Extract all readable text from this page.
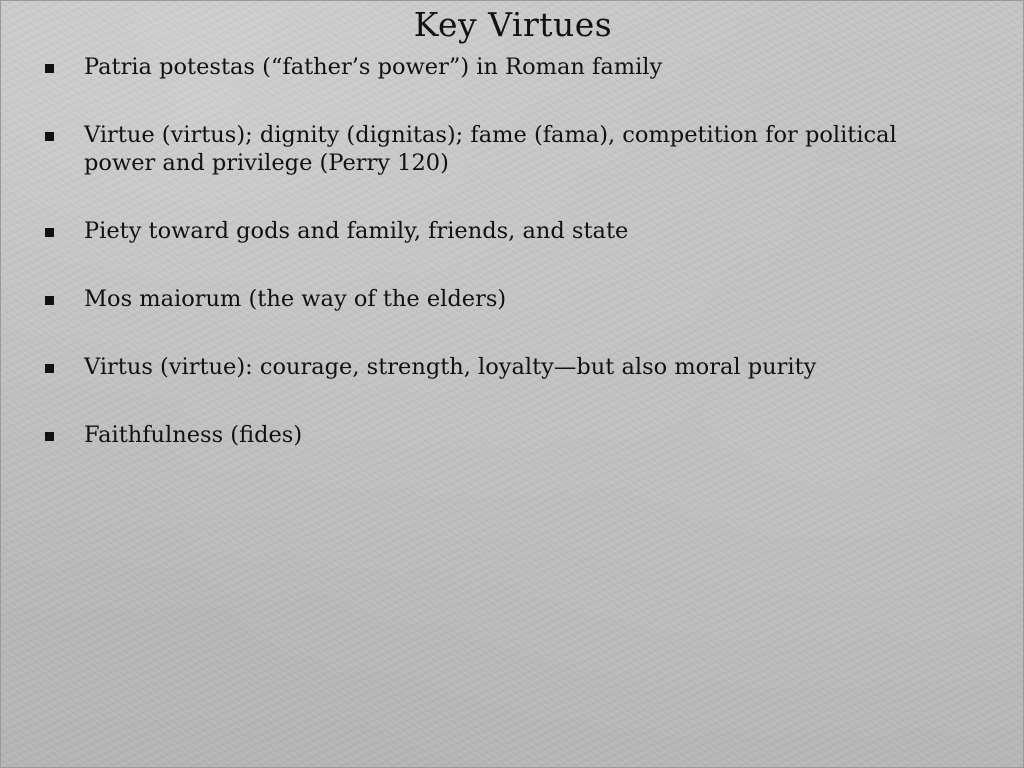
Key Virtues
Patria potestas (“father’s power”) in Roman family
Virtue (virtus); dignity (dignitas); fame (fama), competition for political power and privilege (Perry 120)
Piety toward gods and family, friends, and state
Mos maiorum (the way of the elders)
Virtus (virtue): courage, strength, loyalty—but also moral purity
Faithfulness (fides)
